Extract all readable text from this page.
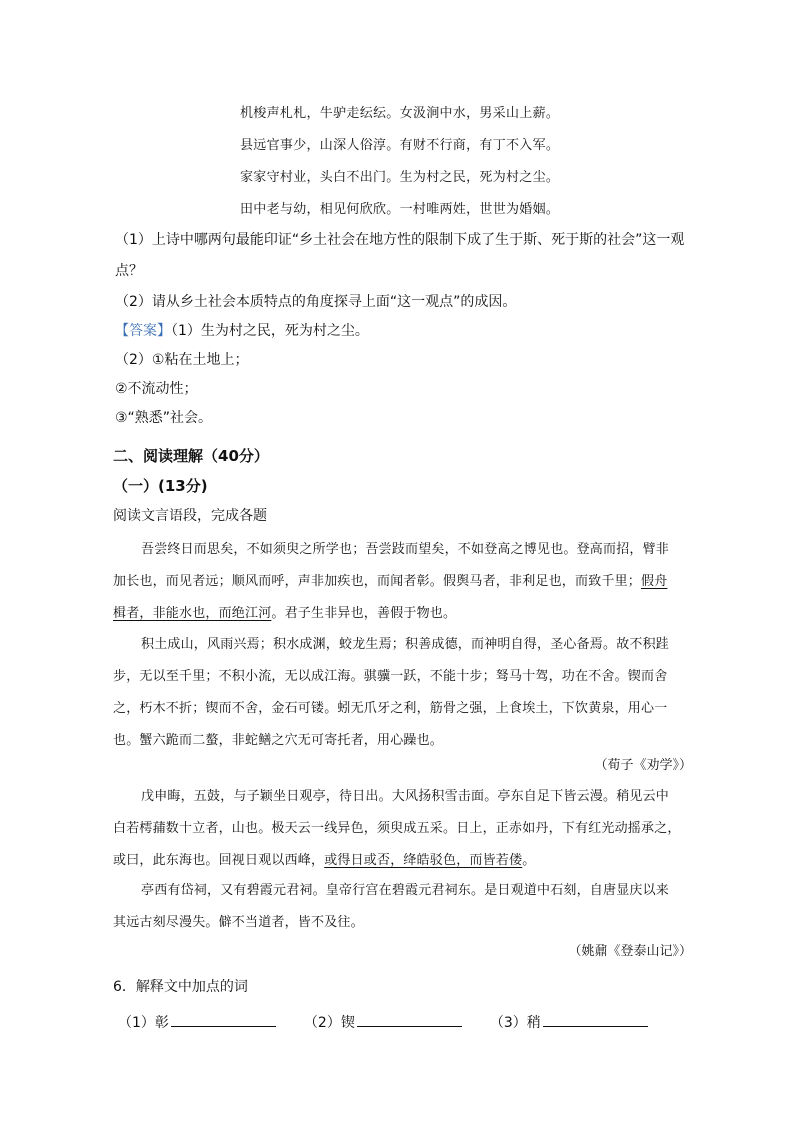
机梭声札札，牛驴走纭纭。女汲涧中水，男采山上薪。
县远官事少，山深人俗淳。有财不行商，有丁不入军。
家家守村业，头白不出门。生为村之民，死为村之尘。
田中老与幼，相见何欣欣。一村唯两姓，世世为婚姻。
（1）上诗中哪两句最能印证“乡土社会在地方性的限制下成了生于斯、死于斯的社会”这一观
点？
（2）请从乡土社会本质特点的角度探寻上面“这一观点”的成因。
【答案】（1）生为村之民，死为村之尘。
（2）①粘在土地上；
②不流动性；
③“熟悉”社会。
二、阅读理解（40分）
（一）(13分)
阅读文言语段，完成各题
吾尝终日而思矣，不如须臾之所学也；吾尝跂而望矣，不如登高之博见也。登高而招，臂非
加长也，而见者远；顺风而呼，声非加疾也，而闻者彰。假舆马者，非利足也，而致千里；假舟
楫者，非能水也，而绝江河。君子生非异也，善假于物也。
积土成山，风雨兴焉；积水成渊，蛟龙生焉；积善成德，而神明自得，圣心备焉。故不积跬
步，无以至千里；不积小流，无以成江海。骐骥一跃，不能十步；驽马十驾，功在不舍。锲而舍
之，朽木不折；锲而不舍，金石可镂。蚓无爪牙之利，筋骨之强，上食埃土，下饮黄泉，用心一
也。蟹六跪而二螯，非蛇鳝之穴无可寄托者，用心躁也。
（荀子《劝学》）
戊申晦，五鼓，与子颖坐日观亭，待日出。大风扬积雪击面。亭东自足下皆云漫。稍见云中
白若樗蒱数十立者，山也。极天云一线异色，须臾成五采。日上，正赤如丹，下有红光动摇承之，
或曰，此东海也。回视日观以西峰，或得日或否，绛皓驳色，而皆若偻。
亭西有岱祠，又有碧霞元君祠。皇帝行宫在碧霞元君祠东。是日观道中石刻，自唐显庆以来
其远古刻尽漫失。僻不当道者，皆不及往。
（姚鼐《登泰山记》）
6．解释文中加点的词
（1）彰	（2）锲	（3）稍
